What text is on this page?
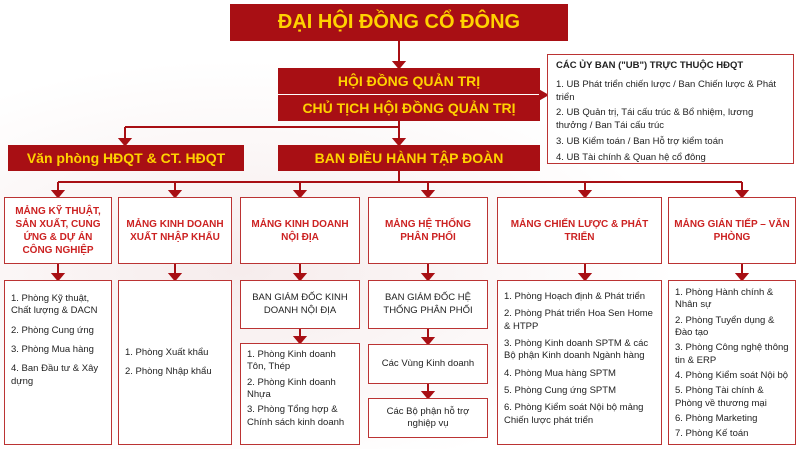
ĐẠI HỘI ĐỒNG CỔ ĐÔNG
HỘI ĐỒNG QUẢN TRỊ
CHỦ TỊCH HỘI ĐỒNG QUẢN TRỊ
Văn phòng HĐQT & CT. HĐQT	BAN ĐIỀU HÀNH TẬP ĐOÀN
CÁC ỦY BAN ("UB") TRỰC THUỘC HĐQT
1. UB Phát triển chiến lược / Ban Chiến lược & Phát triển
2. UB Quản trị, Tái cấu trúc & Bổ nhiệm, lương thưởng / Ban Tái cấu trúc
3. UB Kiểm toán / Ban Hỗ trợ kiểm toán
4. UB Tài chính & Quan hệ cổ đông
MẢNG KỸ THUẬT, SẢN XUẤT, CUNG ỨNG & DỰ ÁN CÔNG NGHIỆP
MẢNG KINH DOANH XUẤT NHẬP KHẨU
MẢNG KINH DOANH NỘI ĐỊA
MẢNG HỆ THỐNG PHÂN PHỐI
MẢNG CHIẾN LƯỢC & PHÁT TRIỂN
MẢNG GIÁN TIẾP – VĂN PHÒNG
1. Phòng Kỹ thuật, Chất lượng & DACN
2. Phòng Cung ứng
3. Phòng Mua hàng
4. Ban Đầu tư & Xây dựng
1. Phòng Xuất khẩu
2. Phòng Nhập khẩu
BAN GIÁM ĐỐC KINH DOANH NỘI ĐỊA
1. Phòng Kinh doanh Tôn, Thép
2. Phòng Kinh doanh Nhựa
3. Phòng Tổng hợp & Chính sách kinh doanh
BAN GIÁM ĐỐC HỆ THỐNG PHÂN PHỐI
Các Vùng Kinh doanh
Các Bộ phận hỗ trợ nghiệp vụ
1. Phòng Hoạch định & Phát triển
2. Phòng Phát triển Hoa Sen Home & HTPP
3. Phòng Kinh doanh SPTM & các Bộ phận Kinh doanh Ngành hàng
4. Phòng Mua hàng SPTM
5. Phòng Cung ứng SPTM
6. Phòng Kiểm soát Nội bộ mảng Chiến lược phát triển
1. Phòng Hành chính & Nhân sự
2. Phòng Tuyển dụng & Đào tạo
3. Phòng Công nghệ thông tin & ERP
4. Phòng Kiểm soát Nội bộ
5. Phòng Tài chính & Phòng về thương mại
6. Phòng Marketing
7. Phòng Kế toán
